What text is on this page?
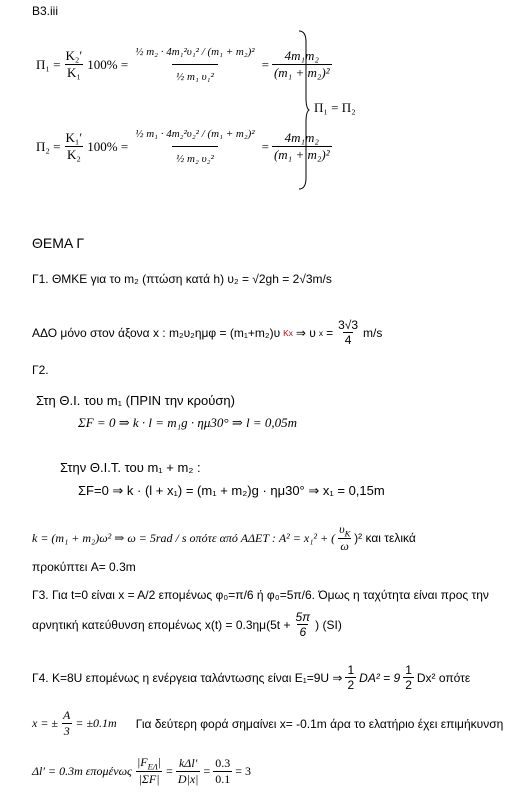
B3.iii
$\Pi_1 = \frac{\text{K₂′}}{\text{K₁}} 100\% = \frac{\text{½ m₂ · 4m₁²υ₁² / (m₁ + m₂)²}}{\text{½ m₁ υ₁²}} = \frac{\text{4m₁m₂}}{\text{(m₁ + m₂)²}}$
$\Pi_2 = \frac{\text{K₁′}}{\text{K₂}} 100\% = \frac{\text{½ m₁ · 4m₂²υ₂² / (m₁ + m₂)²}}{\text{½ m₂ υ₂²}} = \frac{\text{4m₁m₂}}{\text{(m₁ + m₂)²}}$
Π₁ = Π₂
ΘΕΜΑ Γ
Γ1. ΘΜΚΕ για το m₂ (πτώση κατά h) υ₂ = √2gh = 2√3m/s
ΑΔΟ μόνο στον άξονα x : m₂υ₂ημφ = (m₁+m₂)υ Κx ⇒ υ $x = \frac{3√3}{4} m/s$
Γ2.
Στη Θ.Ι. του m₁ (ΠΡΙΝ την κρούση)
ΣF = 0 ⇒ k · l = m₁g · ημ30° ⇒ l = 0,05m
Στην Θ.Ι.Τ. του m₁ + m₂ :
ΣF=0 ⇒ k · (l + x₁) = (m₁ + m₂)g · ημ30° ⇒ x₁ = 0,15m
k = (m₁ + m₂)ω² ⇒ ω = 5rad / s οπότε από ΑΔΕΤ : A² = x₁² + ( $\frac{\upsilon_K}{\omega} )^2$ και τελικά
προκύπτει A= 0.3m
Γ3. Για t=0 είναι x = A/2 επομένως φ₀=π/6 ή φ₀=5π/6. Όμως η ταχύτητα είναι προς την
αρνητική κατεύθυνση επομένως $x(t) = 0.3\eta\mu(5t + \frac{5\pi}{6}$ ) (SI)
Γ4. K=8U επομένως η ενέργεια ταλάντωσης είναι E₁=9U ⇒ $\frac{1}{2} DA^2 = 9 \frac{1}{2} Dx^2$ οπότε
x = ± $\frac{A}{3} = \pm 0.1m$ Για δεύτερη φορά σημαίνει x= -0.1m άρα το ελατήριο έχει επιμήκυνση
Δl′ = 0.3m επομένως $\frac{|F_{E\Lambda}|}{|\Sigma F|} = \frac{\text{kΔl′}}{D|x|} = \frac{0.3}{0.1} = 3$
